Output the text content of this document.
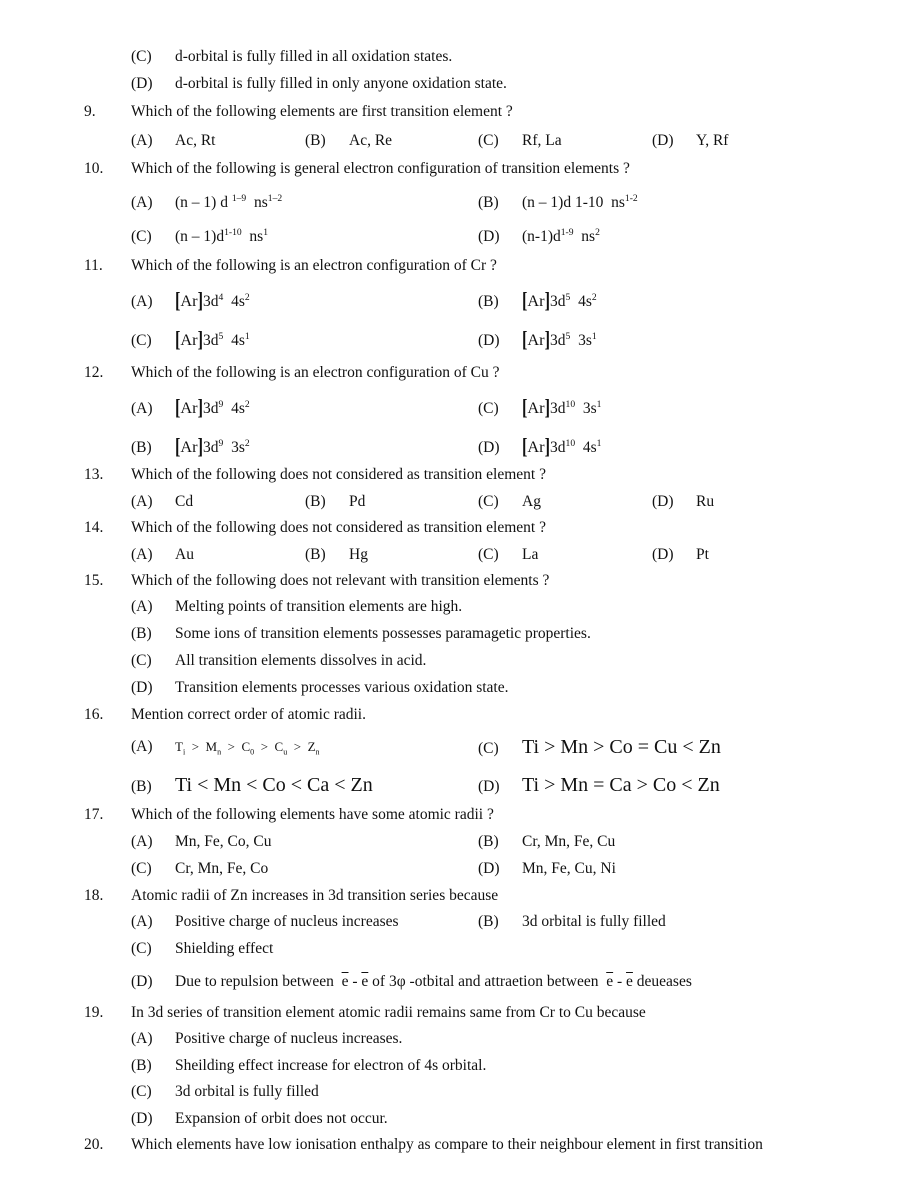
(C) d-orbital is fully filled in all oxidation states.
(D) d-orbital is fully filled in only anyone oxidation state.
9.	Which of the following elements are first transition element ?
(A) Ac, Rt	(B) Ac, Re	(C) Rf, La	(D) Y, Rf
10.	Which of the following is general electron configuration of transition elements ?
(A) (n – 1) d $^{1-9}$ $ns^{1-2}$	(B) (n – 1)d 1-10 $ns^{1-2}$
(C) $(n - 1)d^{1-10}$ $ns^1$	(D) $(n-1)d^{1-9}$ $ns^2$
11.	Which of the following is an electron configuration of Cr ?
(A) $[Ar]3d^4$ $4s^2$	(B) $[Ar]3d^5$ $4s^2$
(C) $[Ar]3d^5$ $4s^1$	(D) $[Ar]3d^5$ $3s^1$
12.	Which of the following is an electron configuration of Cu ?
(A) $[Ar]3d^9$ $4s^2$	(C) $[Ar]3d^{10}$ $3s^1$
(B) $[Ar]3d^9$ $3s^2$	(D) $[Ar]3d^{10}$ $4s^1$
13.	Which of the following does not considered as transition element ?
(A) Cd	(B) Pd	(C) Ag	(D) Ru
14.	Which of the following does not considered as transition element ?
(A) Au	(B) Hg	(C) La	(D) Pt
15.	Which of the following does not relevant with transition elements ?
(A) Melting points of transition elements are high.
(B) Some ions of transition elements possesses paramagetic properties.
(C) All transition elements dissolves in acid.
(D) Transition elements processes various oxidation state.
16.	Mention correct order of atomic radii.
(A) $T_i > M_n > C_0 > C_u > Z_n$	(C) Ti > Mn > Co = Cu < Zn
(B) Ti < Mn < Co < Ca < Zn	(D) Ti > Mn = Ca > Co < Zn
17.	Which of the following elements have some atomic radii ?
(A) Mn, Fe, Co, Cu	(B) Cr, Mn, Fe, Cu
(C) Cr, Mn, Fe, Co	(D) Mn, Fe, Cu, Ni
18.	Atomic radii of Zn increases in 3d transition series because
(A) Positive charge of nucleus increases	(B) 3d orbital is fully filled
(C) Shielding effect
(D) Due to repulsion between $\overline{e} - \overline{e}$ of 3φ -otbital and attraetion between $\overline{e} - \overline{e}$ deueases
19.	In 3d series of transition element atomic radii remains same from Cr to Cu because
(A) Positive charge of nucleus increases.
(B) Sheilding effect increase for electron of 4s orbital.
(C) 3d orbital is fully filled
(D) Expansion of orbit does not occur.
20.	Which elements have low ionisation enthalpy as compare to their neighbour element in first transition
